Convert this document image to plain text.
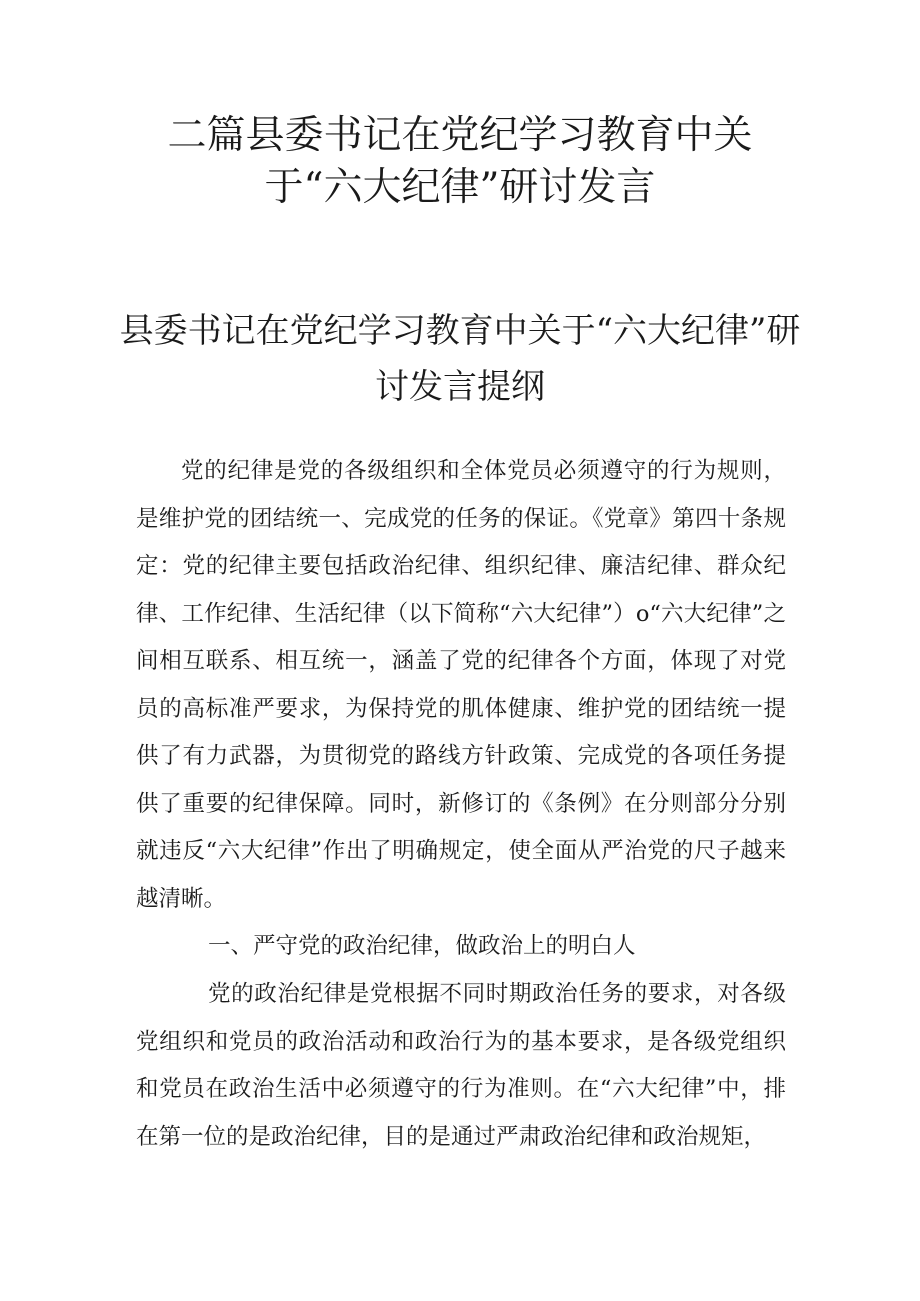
二篇县委书记在党纪学习教育中关于“六大纪律”研讨发言
县委书记在党纪学习教育中关于“六大纪律”研讨发言提纲

党的纪律是党的各级组织和全体党员必须遵守的行为规则，是维护党的团结统一、完成党的任务的保证。《党章》第四十条规定：党的纪律主要包括政治纪律、组织纪律、廉洁纪律、群众纪律、工作纪律、生活纪律（以下简称“六大纪律”）o“六大纪律”之间相互联系、相互统一，涵盖了党的纪律各个方面，体现了对党员的高标准严要求，为保持党的肌体健康、维护党的团结统一提供了有力武器，为贯彻党的路线方针政策、完成党的各项任务提供了重要的纪律保障。同时，新修订的《条例》在分则部分分别就违反“六大纪律”作出了明确规定，使全面从严治党的尺子越来越清晰。

一、严守党的政治纪律，做政治上的明白人

党的政治纪律是党根据不同时期政治任务的要求，对各级党组织和党员的政治活动和政治行为的基本要求，是各级党组织和党员在政治生活中必须遵守的行为准则。在“六大纪律”中，排在第一位的是政治纪律，目的是通过严肃政治纪律和政治规矩，
